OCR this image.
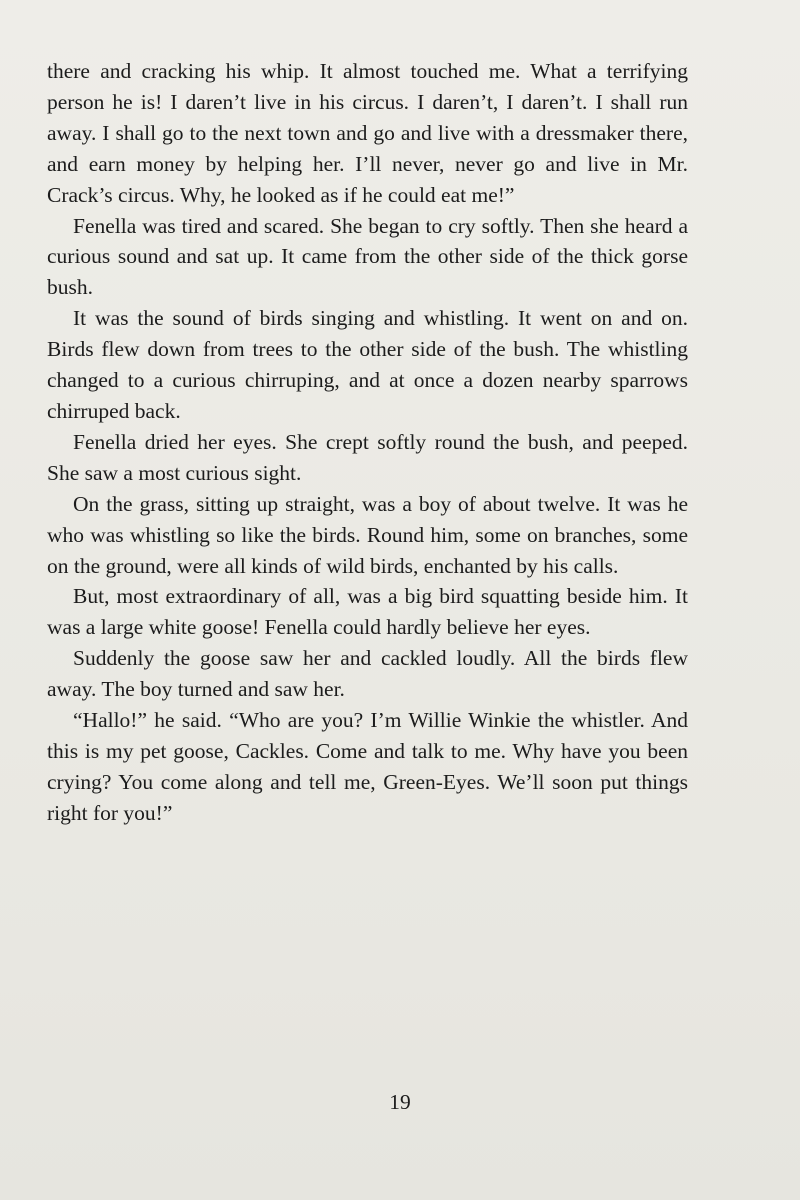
there and cracking his whip. It almost touched me. What a terrifying person he is! I daren’t live in his circus. I daren’t, I daren’t. I shall run away. I shall go to the next town and go and live with a dressmaker there, and earn money by helping her. I’ll never, never go and live in Mr. Crack’s circus. Why, he looked as if he could eat me!”

Fenella was tired and scared. She began to cry softly. Then she heard a curious sound and sat up. It came from the other side of the thick gorse bush.

It was the sound of birds singing and whistling. It went on and on. Birds flew down from trees to the other side of the bush. The whistling changed to a curious chirruping, and at once a dozen nearby sparrows chirruped back.

Fenella dried her eyes. She crept softly round the bush, and peeped. She saw a most curious sight.

On the grass, sitting up straight, was a boy of about twelve. It was he who was whistling so like the birds. Round him, some on branches, some on the ground, were all kinds of wild birds, enchanted by his calls.

But, most extraordinary of all, was a big bird squatting beside him. It was a large white goose! Fenella could hardly believe her eyes.

Suddenly the goose saw her and cackled loudly. All the birds flew away. The boy turned and saw her.

“Hallo!” he said. “Who are you? I’m Willie Winkie the whistler. And this is my pet goose, Cackles. Come and talk to me. Why have you been crying? You come along and tell me, Green-Eyes. We’ll soon put things right for you!”

19
